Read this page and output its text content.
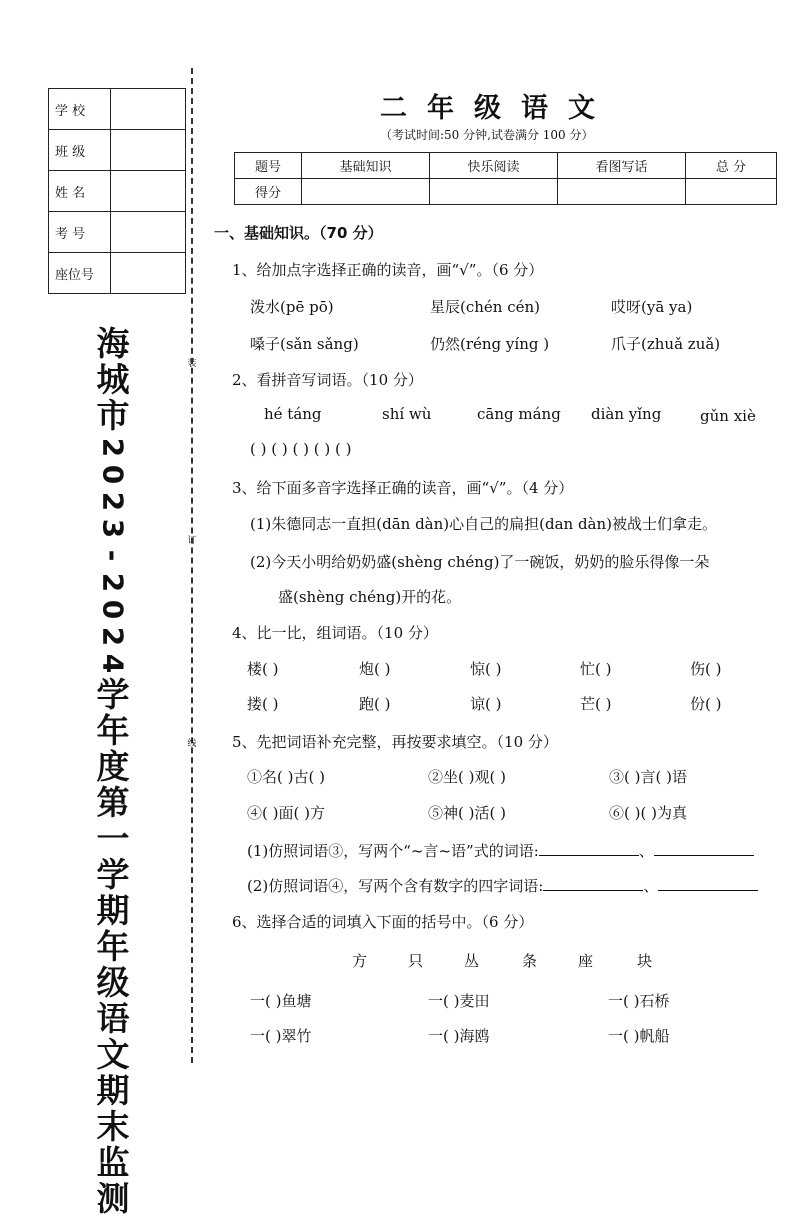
学 校	
班 级	
姓 名	
考 号	
座位号	
海
城
市
2
0
2
3
-
2
0
2
4
学
年
度
第
一
学
期
年
级
语
文
期
末
监
测
装
订
线
二年级语文
（考试时间:50 分钟,试卷满分 100 分）
题号	基础知识	快乐阅读	看图写话	总 分
得分				
一、基础知识。（70 分）
1、给加点字选择正确的读音，画“√”。（6 分）
泼水(pē pō)	星辰(chén cén)	哎呀(yā ya)
嗓子(sǎn sǎng)	仍然(réng yíng )	爪子(zhuǎ zuǎ)
2、看拼音写词语。（10 分）
hé táng	shí wù	cāng máng diàn yǐng	gǔn xiè
( ) ( ) ( ) ( ) ( )
3、给下面多音字选择正确的读音，画“√”。（4 分）
(1)朱德同志一直担(dān dàn)心自己的扁担(dan dàn)被战士们拿走。
(2)今天小明给奶奶盛(shèng chéng)了一碗饭，奶奶的脸乐得像一朵
盛(shèng chéng)开的花。
4、比一比，组词语。（10 分）
楼( )	炮( )	惊( )	忙( )	伤( )
搂( )	跑( )	谅( )	芒( )	份( )
5、先把词语补充完整，再按要求填空。（10 分）
①名( )古( )	②坐( )观( )	③( )言( )语
④( )面( )方	⑤神( )活( )	⑥( )( )为真
(1)仿照词语③，写两个“~言~语”式的词语:	、
(2)仿照词语④，写两个含有数字的四字词语:	、
6、选择合适的词填入下面的括号中。（6 分）
方	只	丛	条	座	块
一( )鱼塘	一( )麦田	一( )石桥
一( )翠竹	一( )海鸥	一( )帆船
